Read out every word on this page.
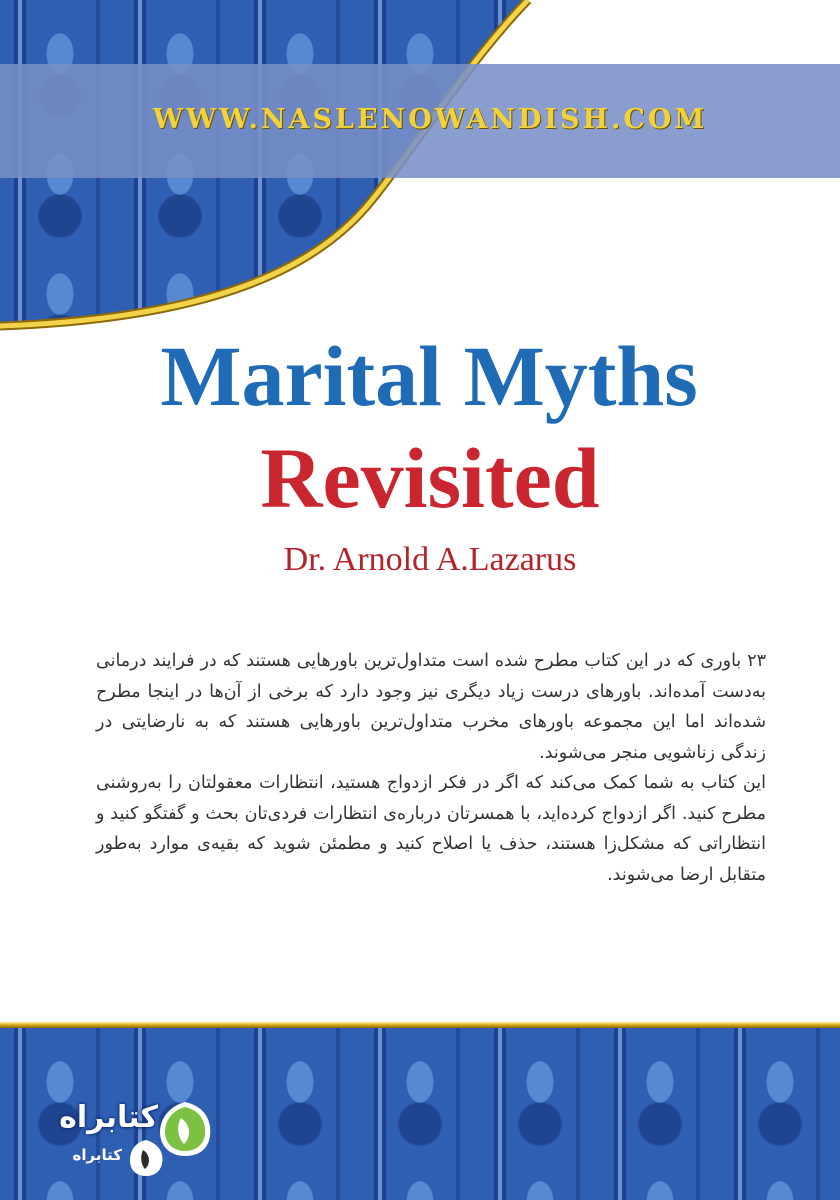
WWW.NASLENOWANDISH.COM
Marital Myths
Revisited
Dr. Arnold A.Lazarus

۲۳ باوری که در این کتاب مطرح شده است متداول‌ترین باورهایی هستند که در فرایند درمانی به‌دست آمده‌اند. باورهای درست زیاد دیگری نیز وجود دارد که برخی از آن‌ها در اینجا مطرح شده‌اند اما این مجموعه باورهای مخرب متداول‌ترین باورهایی هستند که به نارضایتی در زندگی زناشویی منجر می‌شوند.

این کتاب به شما کمک می‌کند که اگر در فکر ازدواج هستید، انتظارات معقولتان را به‌روشنی مطرح کنید. اگر ازدواج کرده‌اید، با همسرتان درباره‌ی انتظارات فردی‌تان بحث و گفتگو کنید و انتظاراتی که مشکل‌زا هستند، حذف یا اصلاح کنید و مطمئن شوید که بقیه‌ی موارد به‌طور متقابل ارضا می‌شوند.

کتابراه
کتابراه
